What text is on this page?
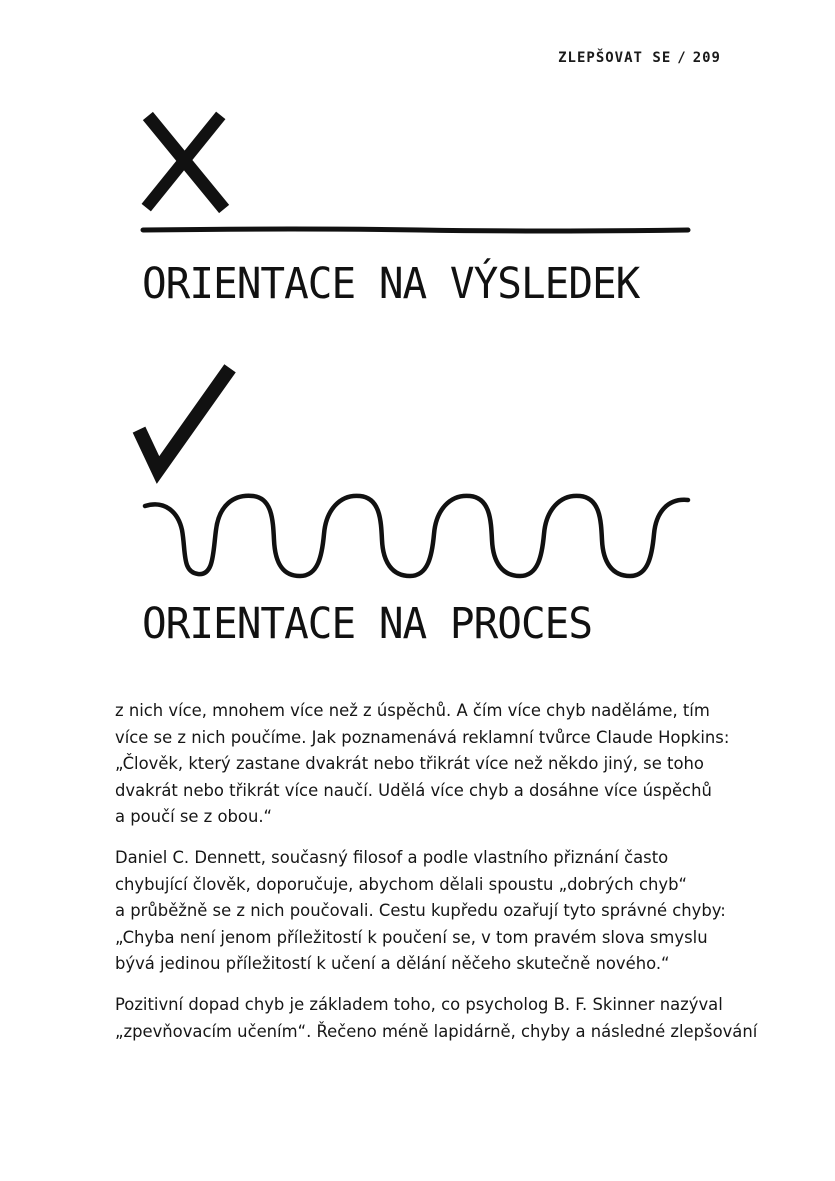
ZLEPŠOVAT SE / 209
ORIENTACE NA VÝSLEDEK
ORIENTACE NA PROCES

z nich více, mnohem více než z úspěchů. A čím více chyb naděláme, tím
více se z nich poučíme. Jak poznamenává reklamní tvůrce Claude Hopkins:
„Člověk, který zastane dvakrát nebo třikrát více než někdo jiný, se toho
dvakrát nebo třikrát více naučí. Udělá více chyb a dosáhne více úspěchů
a poučí se z obou.“

Daniel C. Dennett, současný filosof a podle vlastního přiznání často
chybující člověk, doporučuje, abychom dělali spoustu „dobrých chyb“
a průběžně se z nich poučovali. Cestu kupředu ozařují tyto správné chyby:
„Chyba není jenom příležitostí k poučení se, v tom pravém slova smyslu
bývá jedinou příležitostí k učení a dělání něčeho skutečně nového.“

Pozitivní dopad chyb je základem toho, co psycholog B. F. Skinner nazýval
„zpevňovacím učením“. Řečeno méně lapidárně, chyby a následné zlepšování
